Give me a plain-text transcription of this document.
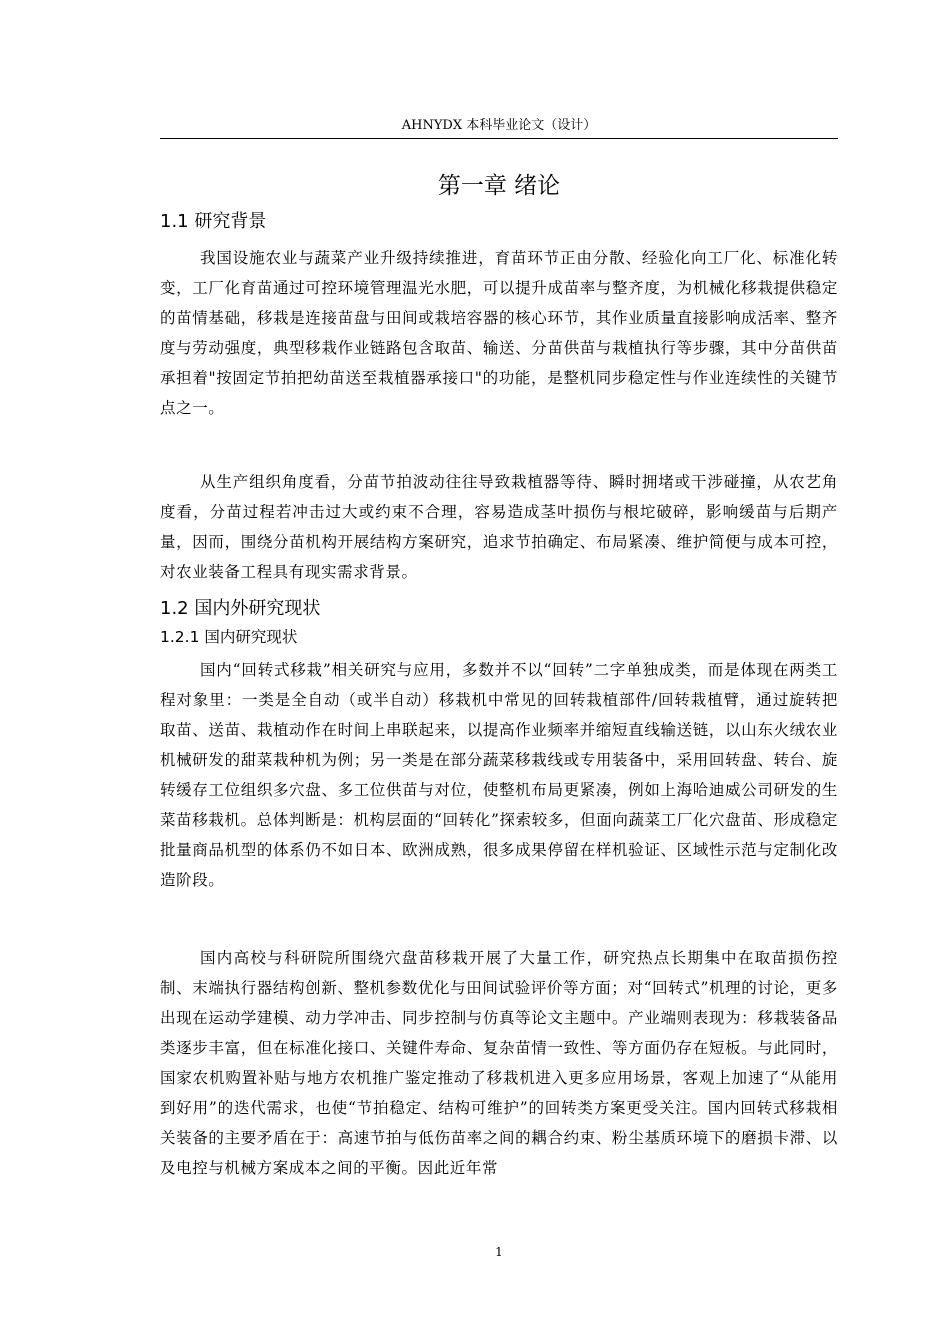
AHNYDX 本科毕业论文（设计）
第一章 绪论
1.1 研究背景

我国设施农业与蔬菜产业升级持续推进，育苗环节正由分散、经验化向工厂化、标准化转变，工厂化育苗通过可控环境管理温光水肥，可以提升成苗率与整齐度，为机械化移栽提供稳定的苗情基础，移栽是连接苗盘与田间或栽培容器的核心环节，其作业质量直接影响成活率、整齐度与劳动强度，典型移栽作业链路包含取苗、输送、分苗供苗与栽植执行等步骤，其中分苗供苗承担着"按固定节拍把幼苗送至栽植器承接口"的功能，是整机同步稳定性与作业连续性的关键节点之一。

从生产组织角度看，分苗节拍波动往往导致栽植器等待、瞬时拥堵或干涉碰撞，从农艺角度看，分苗过程若冲击过大或约束不合理，容易造成茎叶损伤与根坨破碎，影响缓苗与后期产量，因而，围绕分苗机构开展结构方案研究，追求节拍确定、布局紧凑、维护简便与成本可控，对农业装备工程具有现实需求背景。

1.2 国内外研究现状
1.2.1 国内研究现状

国内“回转式移栽”相关研究与应用，多数并不以“回转”二字单独成类，而是体现在两类工程对象里：一类是全自动（或半自动）移栽机中常见的回转栽植部件/回转栽植臂，通过旋转把取苗、送苗、栽植动作在时间上串联起来，以提高作业频率并缩短直线输送链，以山东火绒农业机械研发的甜菜栽种机为例；另一类是在部分蔬菜移栽线或专用装备中，采用回转盘、转台、旋转缓存工位组织多穴盘、多工位供苗与对位，使整机布局更紧凑，例如上海哈迪威公司研发的生菜苗移栽机。总体判断是：机构层面的“回转化”探索较多，但面向蔬菜工厂化穴盘苗、形成稳定批量商品机型的体系仍不如日本、欧洲成熟，很多成果停留在样机验证、区域性示范与定制化改造阶段。

国内高校与科研院所围绕穴盘苗移栽开展了大量工作，研究热点长期集中在取苗损伤控制、末端执行器结构创新、整机参数优化与田间试验评价等方面；对“回转式”机理的讨论，更多出现在运动学建模、动力学冲击、同步控制与仿真等论文主题中。产业端则表现为：移栽装备品类逐步丰富，但在标准化接口、关键件寿命、复杂苗情一致性、等方面仍存在短板。与此同时，国家农机购置补贴与地方农机推广鉴定推动了移栽机进入更多应用场景，客观上加速了“从能用到好用”的迭代需求，也使“节拍稳定、结构可维护”的回转类方案更受关注。国内回转式移栽相关装备的主要矛盾在于：高速节拍与低伤苗率之间的耦合约束、粉尘基质环境下的磨损卡滞、以及电控与机械方案成本之间的平衡。因此近年常

1
